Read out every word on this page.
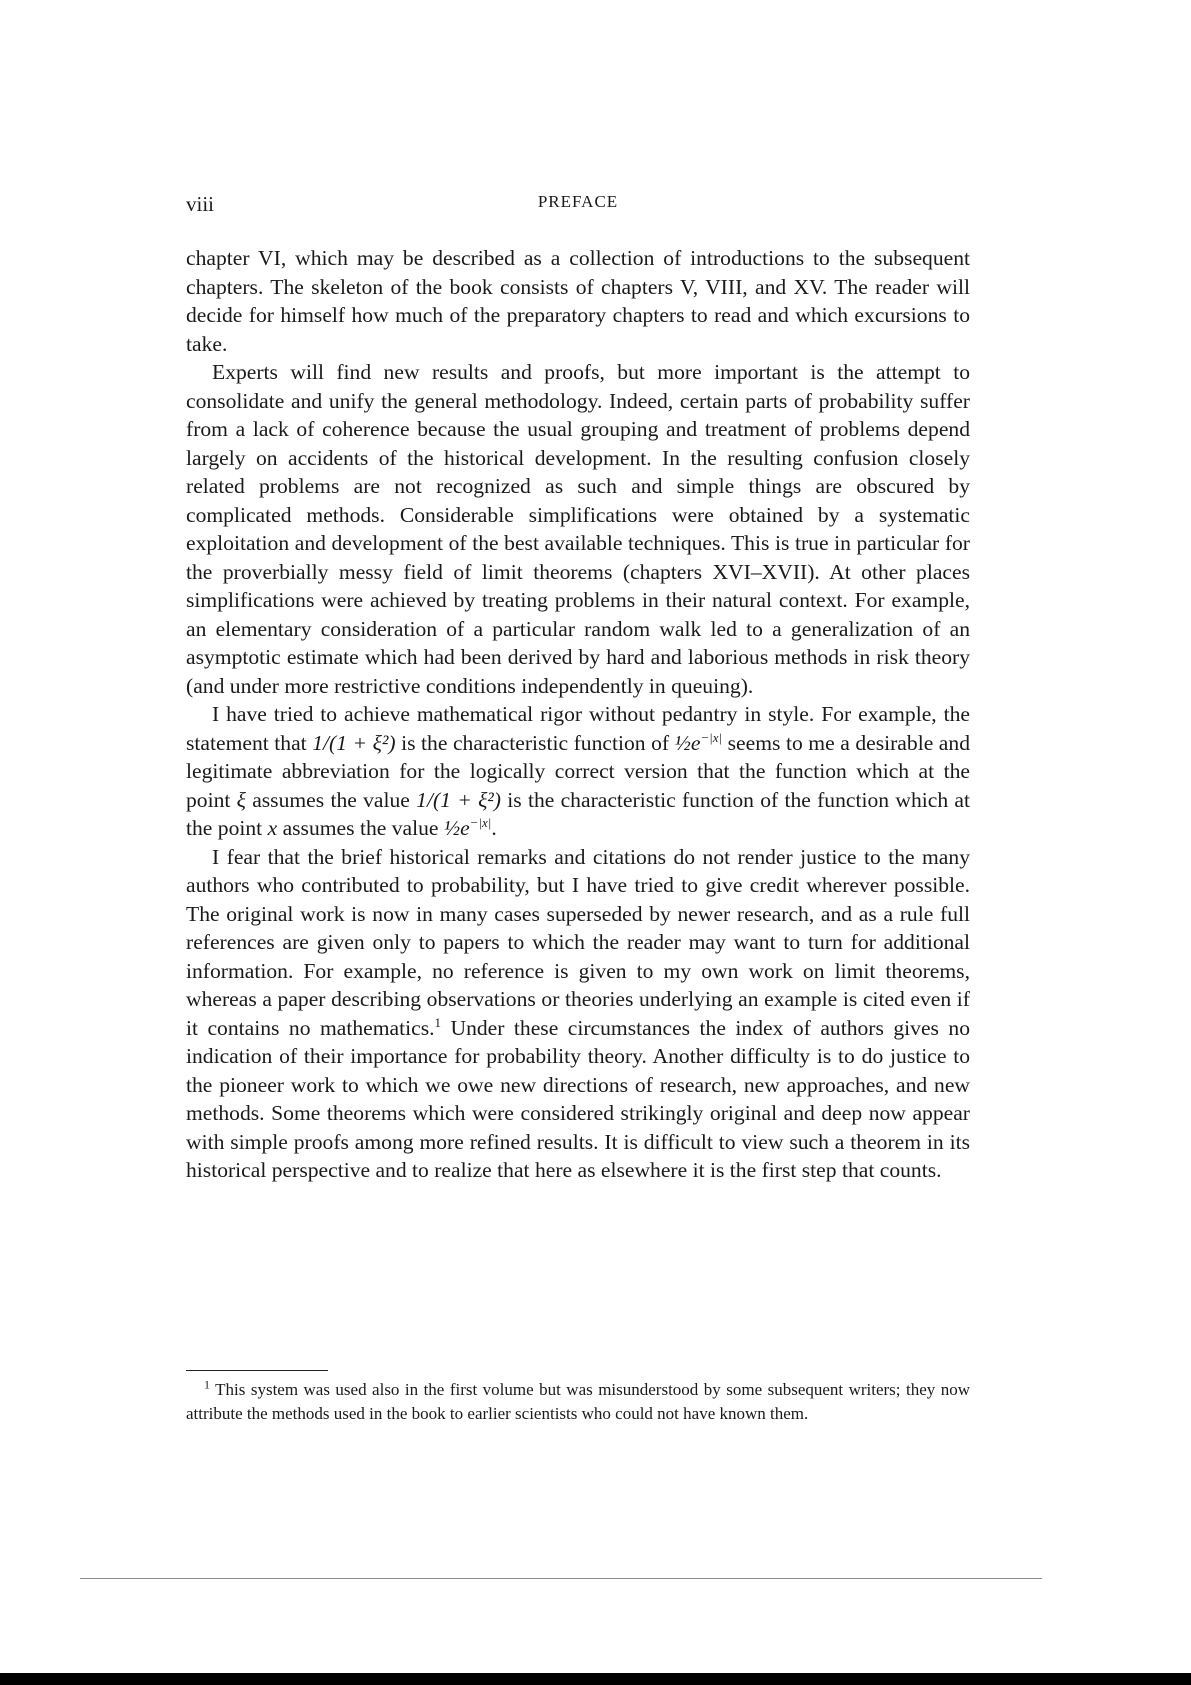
viii	PREFACE

chapter VI, which may be described as a collection of introductions to the subsequent chapters. The skeleton of the book consists of chapters V, VIII, and XV. The reader will decide for himself how much of the preparatory chapters to read and which excursions to take.

Experts will find new results and proofs, but more important is the attempt to consolidate and unify the general methodology. Indeed, certain parts of probability suffer from a lack of coherence because the usual grouping and treatment of problems depend largely on accidents of the historical development. In the resulting confusion closely related problems are not recognized as such and simple things are obscured by complicated methods. Considerable simplifications were obtained by a systematic exploitation and development of the best available techniques. This is true in particular for the proverbially messy field of limit theorems (chapters XVI–XVII). At other places simplifications were achieved by treating problems in their natural context. For example, an elementary consideration of a particular random walk led to a generalization of an asymptotic estimate which had been derived by hard and laborious methods in risk theory (and under more restrictive conditions independently in queuing).

I have tried to achieve mathematical rigor without pedantry in style. For example, the statement that 1/(1 + ξ²) is the characteristic function of $\frac{1}{2}e^{-|x|}$ seems to me a desirable and legitimate abbreviation for the logically correct version that the function which at the point ξ assumes the value 1/(1 + ξ²) is the characteristic function of the function which at the point x assumes the value $\frac{1}{2}e^{-|x|}$.

I fear that the brief historical remarks and citations do not render justice to the many authors who contributed to probability, but I have tried to give credit wherever possible. The original work is now in many cases superseded by newer research, and as a rule full references are given only to papers to which the reader may want to turn for additional information. For example, no reference is given to my own work on limit theorems, whereas a paper describing observations or theories underlying an example is cited even if it contains no mathematics.$^1$ Under these circumstances the index of authors gives no indication of their importance for probability theory. Another difficulty is to do justice to the pioneer work to which we owe new directions of research, new approaches, and new methods. Some theorems which were considered strikingly original and deep now appear with simple proofs among more refined results. It is difficult to view such a theorem in its historical perspective and to realize that here as elsewhere it is the first step that counts.

$^1$ This system was used also in the first volume but was misunderstood by some subsequent writers; they now attribute the methods used in the book to earlier scientists who could not have known them.
